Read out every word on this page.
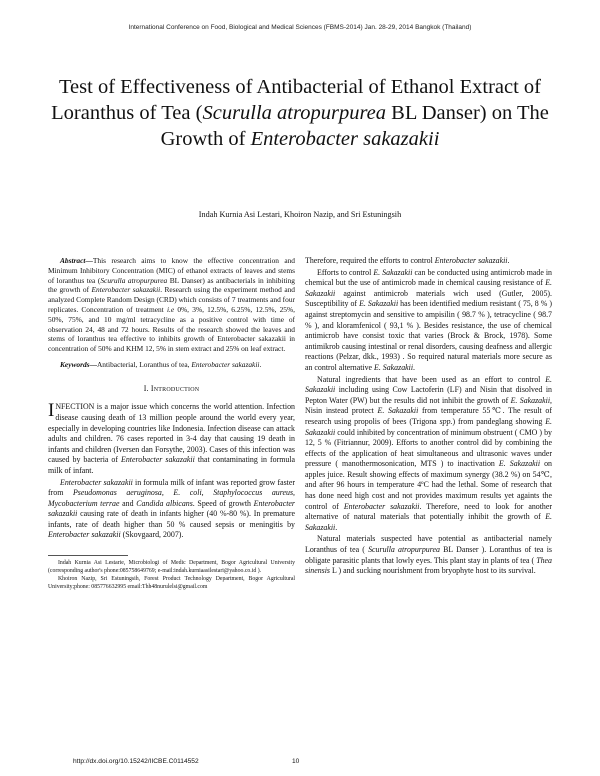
International Conference on Food, Biological and Medical Sciences (FBMS-2014) Jan. 28-29, 2014 Bangkok (Thailand)
Test of Effectiveness of Antibacterial of Ethanol Extract of Loranthus of Tea (Scurulla atropurpurea BL Danser) on The Growth of Enterobacter sakazakii
Indah Kurnia Asi Lestari, Khoiron Nazip, and Sri Estuningsih

Abstract—This research aims to know the effective concentration and Minimum Inhibitory Concentration (MIC) of ethanol extracts of leaves and stems of loranthus tea (Scurulla atropurpurea BL Danser) as antibacterials in inhibiting the growth of Enterobacter sakazakii. Research using the experiment method and analyzed Complete Random Design (CRD) which consists of 7 treatments and four replicates. Concentration of treatment i.e 0%, 3%, 12.5%, 6.25%, 12.5%, 25%, 50%, 75%, and 10 mg/ml tetracycline as a positive control with time of observation 24, 48 and 72 hours. Results of the research showed the leaves and stems of loranthus tea effective to inhibits growth of Enterobacter sakazakii in concentration of 50% and KHM 12, 5% in stem extract and 25% on leaf extract.

Keywords—Antibacterial, Loranthus of tea, Enterobacter sakazakii.

I. Introduction

INFECTION is a major issue which concerns the world attention. Infection disease causing death of 13 million people around the world every year, especially in developing countries like Indonesia. Infection disease can attack adults and children. 76 cases reported in 3-4 day that causing 19 death in infants and children (Iversen dan Forsythe, 2003). Cases of this infection was caused by bacteria of Enterobacter sakazakii that contaminating in formula milk of infant.

Enterobacter sakazakii in formula milk of infant was reported grow faster from Pseudomonas aeruginosa, E. coli, Staphylococcus aureus, Mycobacterium terrae and Candida albicans. Speed of growth Enterobacter sakazakii causing rate of death in infants higher (40 %-80 %). In premature infants, rate of death higher than 50 % caused sepsis or meningitis by Enterobacter sakazakii (Skovgaard, 2007).

Indah Kurnia Asi Lestarie, Microbiologi of Medic Department, Bogor Agricultural University (corresponding author's phone:085758649769; e-mail:indah.kurniaasilestari@yahoo.co.id ).

Khoiron Nazip, Sri Estuningsih, Forest Product Technology Department, Bogor Agricultural University;phone: 085776632995 email:Thh48nurulelsi@gmail.com

Therefore, required the efforts to control Enterobacter sakazakii.

Efforts to control E. Sakazakii can be conducted using antimicrob made in chemical but the use of antimicrob made in chemical causing resistance of E. Sakazakii against antimicrob materials wich used (Gutler, 2005). Susceptibility of E. Sakazakii has been identified medium resistant ( 75, 8 % ) against streptomycin and sensitive to ampisilin ( 98.7 % ), tetracycline ( 98.7 % ), and kloramfenicol ( 93,1 % ). Besides resistance, the use of chemical antimicrob have consist toxic that varies (Brock & Brock, 1978). Some antimikrob causing intestinal or renal disorders, causing deafness and allergic reactions (Pelzar, dkk., 1993) . So required natural materials more secure as an control alternative E. Sakazakii.

Natural ingredients that have been used as an effort to control E. Sakazakii including using Cow Lactoferin (LF) and Nisin that disolved in Pepton Water (PW) but the results did not inhibit the growth of E. Sakazakii, Nisin instead protect E. Sakazakii from temperature 55℃. The result of research using propolis of bees (Trigona spp.) from pandeglang showing E. Sakazakii could inhibited by concentration of minimum obstruent ( CMO ) by 12, 5 % (Fitriannur, 2009). Efforts to another control did by combining the effects of the application of heat simultaneous and ultrasonic waves under pressure ( manothermosonication, MTS ) to inactivation E. Sakazakii on apples juice. Result showing effects of maximum synergy (38.2 %) on 54℃, and after 96 hours in temperature 4ºC had the lethal. Some of research that has done need high cost and not provides maximum results yet againts the control of Enterobacter sakazakii. Therefore, need to look for another alternative of natural materials that potentially inhibit the growth of E. Sakazakii.

Natural materials suspected have potential as antibacterial namely Loranthus of tea ( Scurulla atropurpurea BL Danser ). Loranthus of tea is obligate parasitic plants that lowly eyes. This plant stay in plants of tea ( Thea sinensis L ) and sucking nourishment from bryophyte host to its survival.

http://dx.doi.org/10.15242/IICBE.C0114552	10
